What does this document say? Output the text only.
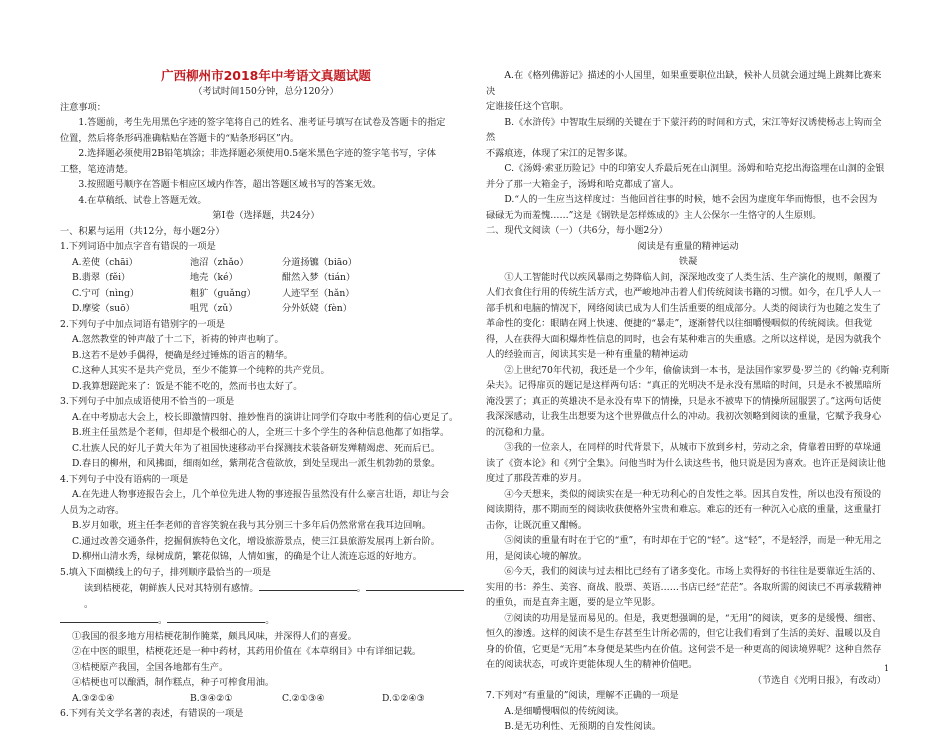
广西柳州市2018年中考语文真题试题

（考试时间150分钟，总分120分）

注意事项：

1.答题前，考生先用黑色字迹的签字笔将自己的姓名、准考证号填写在试卷及答题卡的指定

位置，然后将条形码准确粘贴在答题卡的“贴条形码区”内。

2.选择题必须使用2B铅笔填涂；非选择题必须使用0.5毫米黑色字迹的签字笔书写，字体

工整，笔迹清楚。

3.按照题号顺序在答题卡相应区域内作答，超出答题区域书写的答案无效。

4.在草稿纸、试卷上答题无效。

第Ⅰ卷（选择题，共24分）

一、积累与运用（共12分，每小题2分）

1.下列词语中加点字音有错误的一项是

A.差使（chāi）	池沼（zhǎo）	分道扬镳（biāo）
B.翡翠（fěi）	地壳（ké）	酣然入梦（tián）
C.宁可（nìng）	粗犷（guǎng）	人迹罕至（hǎn）
D.摩娑（suō）	咀咒（zǔ）	分外妖娆（fèn）

2.下列句子中加点词语有错别字的一项是

A.忽然教堂的钟声敲了十二下，祈祷的钟声也响了。

B.这若不是妙手偶得，便确是经过锤炼的语言的精华。

C.这种人其实不是共产党员，至少不能算一个纯粹的共产党员。

D.我算想蹉跎来了：饭是不能不吃的，然而书也太好了。

3.下列句子中加点成语使用不恰当的一项是

A.在中考励志大会上，校长即激情四射、推妙惟肖的演讲让同学们夺取中考胜利的信心更足了。

B.班主任虽然是个老师，但却是个极细心的人，全班三十多个学生的各种信息他都了如指掌。

C.壮族人民的好儿子黄大年为了祖国快速移动平台探测技术装备研发殚精竭虑、死而后已。

D.春日的柳州，和风拂面，细雨如丝，紫荆花含苞欲放，到处呈现出一派生机勃勃的景象。

4.下列句子中没有语病的一项是

A.在先进人物事迹报告会上，几个单位先进人物的事迹报告虽然没有什么豪言壮语，却让与会

人员为之动容。

B.岁月如歌，班主任李老师的音容笑貌在我与其分别三十多年后仍然常常在我耳边回响。

C.通过改善交通条件，挖掘侗族特色文化，增设旅游景点，使三江县旅游发展再上新台阶。

D.柳州山清水秀，绿树成荫，繁花似锦，人情如蜜，的确是个让人流连忘返的好地方。

5.填入下面横线上的句子，排列顺序最恰当的一项是

读到桔梗花，朝鲜族人民对其特别有感情。	。。

。	。

①我国的很多地方用桔梗花制作腌菜，颇具风味，并深得人们的喜爱。

②在中医的眼里，桔梗花还是一种中药材，其药用价值在《本草纲目》中有详细记载。

③桔梗原产我国，全国各地都有生产。

④桔梗也可以酿酒，制作糕点，种子可榨食用油。

A.③②①④	B.③④②①	C.②①③④	D.①②④③

6.下列有关文学名著的表述，有错误的一项是

A.在《格列佛游记》描述的小人国里，如果重要职位出缺，候补人员就会通过绳上跳舞比赛来决

定谁接任这个官职。

B.《水浒传》中智取生辰纲的关键在于下蒙汗药的时间和方式，宋江等好汉诱使杨志上钩而全然

不露痕迹，体现了宋江的足智多谋。

C.《汤姆·索亚历险记》中的印第安人乔最后死在山洞里。汤姆和哈克挖出海盗埋在山洞的金银

并分了那一大箱金子，汤姆和哈克都成了富人。

D.“人的一生应当这样度过：当他回首往事的时候，她不会因为虚度年华而悔恨，也不会因为

碌碌无为而羞愧……”这是《钢铁是怎样炼成的》主人公保尔一生恪守的人生原则。

二、现代文阅读（一）（共6分，每小题2分）

阅读是有重量的精神运动

铁凝

①人工智能时代以疾风暴雨之势降临人间，深深地改变了人类生活、生产演化的规则，颠覆了人们衣食住行用的传统生活方式，也严峻地冲击着人们传统阅读书籍的习惯。如今，在几乎人人一部手机和电脑的情况下，网络阅读已成为人们生活重要的组成部分。人类的阅读行为也随之发生了革命性的变化：眼睛在网上快速、便捷的“暴走”，逐渐替代以往细嚼慢咽似的传统阅读。但我觉得，人在获得大面积爆炸性信息的同时，也会有某种难言的失重感。之所以这样说，是因为就我个人的经验而言，阅读其实是一种有重量的精神运动

②上世纪70年代初，我还是一个少年，偷偷读到一本书，是法国作家罗曼·罗兰的《约翰·克利斯朵夫》。记得扉页的题记是这样两句话：“真正的光明决不是永没有黑暗的时间，只是永不被黑暗所淹没罢了；真正的英雄决不是永没有卑下的情操，只是永不被卑下的情操所屈服罢了。”这两句话使我深深感动，让我生出想要为这个世界做点什么的冲动。我初次领略到阅读的重量，它赋予我身心的沉稳和力量。

③我的一位亲人，在同样的时代背景下，从城市下放到乡村，劳动之余，倚靠着田野的草垛通读了《资本论》和《列宁全集》。问他当时为什么读这些书，他只说是因为喜欢。也许正是阅读让他度过了那段苦难的岁月。

④今天想来，类似的阅读实在是一种无功利心的自发性之举。因其自发性，所以也没有预设的阅读期待，那不期而至的阅读收获便格外宝贵和难忘。难忘的还有一种沉入心底的重量，这重量打击你，让既沉重又酣畅。

⑤阅读的重量有时在于它的“重”，有时却在于它的“轻”。这“轻”，不是轻浮，而是一种无用之用，是阅读心境的解放。

⑥今天，我们的阅读与过去相比已经有了诸多变化。市场上卖得好的书往往是要靠近生活的、实用的书：养生、美容、商战、股票、英语……书店已经“茫茫”。各取所需的阅读已不再承载精神的重负，而是直奔主题，要的是立竿见影。

⑦阅读的功用是显而易见的。但是，我更想强调的是，“无用”的阅读，更多的是缓慢、细密、恒久的渗透。这样的阅读不是生存甚至生计所必需的，但它让我们看到了生活的美好、温暖以及自身的价值，它更是“无用”本身便是某些内在价值。这何尝不是一种更高的阅读境界呢？这种自然存在的阅读状态，可或许更能体现人生的精神价值吧。

（节选自《光明日报》，有改动）

7.下列对“有重量的”阅读，理解不正确的一项是

A.是细嚼慢咽似的传统阅读。

B.是无功利性、无预期的自发性阅读。

1
